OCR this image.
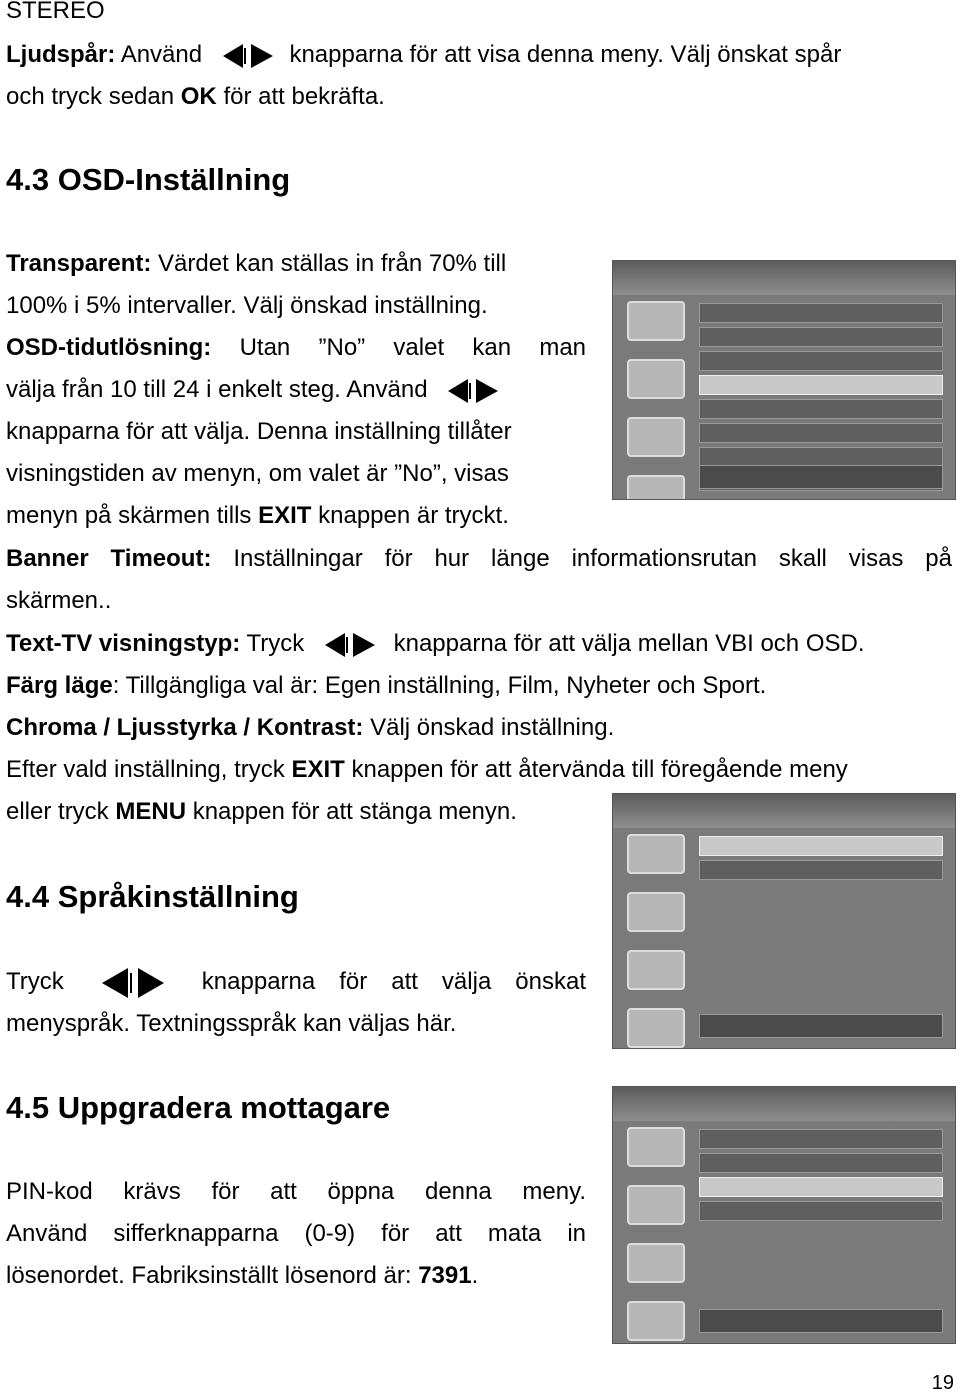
STEREO

Ljudspår: Använd	knapparna för att visa denna meny. Välj önskat spår

och tryck sedan OK för att bekräfta.

4.3 OSD-Inställning

Transparent: Värdet kan ställas in från 70% till

100% i 5% intervaller. Välj önskad inställning.

OSD-tidutlösning: Utan ”No” valet kan man

välja från 10 till 24 i enkelt steg. Använd

knapparna för att välja. Denna inställning tillåter

visningstiden av menyn, om valet är ”No”, visas

menyn på skärmen tills EXIT knappen är tryckt.

Banner Timeout: Inställningar för hur länge informationsrutan skall visas på

skärmen..

Text-TV visningstyp: Tryck	knapparna för att välja mellan VBI och OSD.

Färg läge: Tillgängliga val är: Egen inställning, Film, Nyheter och Sport.

Chroma / Ljusstyrka / Kontrast: Välj önskad inställning.

Efter vald inställning, tryck EXIT knappen för att återvända till föregående meny

eller tryck MENU knappen för att stänga menyn.

4.4 Språkinställning

Tryck	knapparna för att välja önskat

menyspråk. Textningsspråk kan väljas här.

4.5 Uppgradera mottagare

PIN-kod krävs för att öppna denna meny.

Använd sifferknapparna (0-9) för att mata in

lösenordet. Fabriksinställt lösenord är: 7391.

19
